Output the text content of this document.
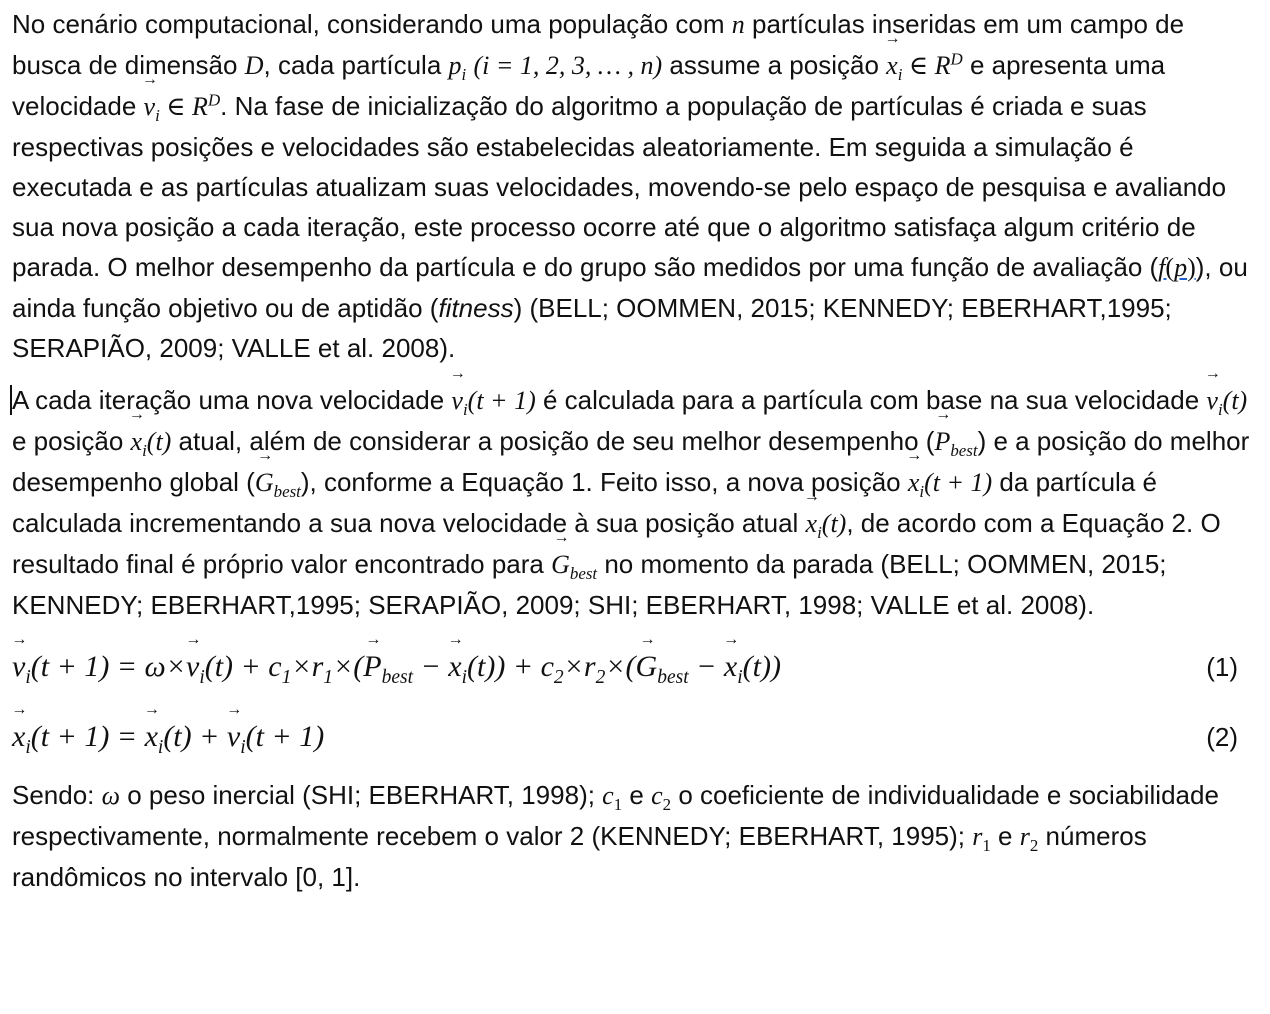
No cenário computacional, considerando uma população com n partículas inseridas em um campo de busca de dimensão D, cada partícula $p_i$ (i = 1, 2, 3, … , n) assume a posição → $x_i$ ∈ $R^D$ e apresenta uma velocidade → $v_i$ ∈ $R^D$. Na fase de inicialização do algoritmo a população de partículas é criada e suas respectivas posições e velocidades são estabelecidas aleatoriamente. Em seguida a simulação é executada e as partículas atualizam suas velocidades, movendo-se pelo espaço de pesquisa e avaliando sua nova posição a cada iteração, este processo ocorre até que o algoritmo satisfaça algum critério de parada. O melhor desempenho da partícula e do grupo são medidos por uma função de avaliação (f(p)), ou ainda função objetivo ou de aptidão (fitness) (BELL; OOMMEN, 2015; KENNEDY; EBERHART,1995; SERAPIÃO, 2009; VALLE et al. 2008).

A cada iteração uma nova velocidade → $v_i(t + 1)$ é calculada para a partícula com base na sua velocidade → $v_i(t)$ e posição → $x_i(t)$ atual, além de considerar a posição de seu melhor desempenho (→ $P_{best}$) e a posição do melhor desempenho global (→ $G_{best}$), conforme a Equação 1. Feito isso, a nova posição → $x_i(t + 1)$ da partícula é calculada incrementando a sua nova velocidade à sua posição atual → $x_i(t)$, de acordo com a Equação 2. O resultado final é próprio valor encontrado para → $G_{best}$ no momento da parada (BELL; OOMMEN, 2015; KENNEDY; EBERHART,1995; SERAPIÃO, 2009; SHI; EBERHART, 1998; VALLE et al. 2008).

→ $v_i(t + 1) = \omega\times\to v_i(t) + c_1\times r_1\times(\to P_{best}$ − → $x_i(t)) + c_2\times r_2\times(\to G_{best}$ − → $x_i(t)$)	(1)
→ $x_i(t + 1)$ = → $x_i(t)$ + → $v_i(t + 1)$	(2)

Sendo: ω o peso inercial (SHI; EBERHART, 1998); $c_1$ e $c_2$ o coeficiente de individualidade e sociabilidade respectivamente, normalmente recebem o valor 2 (KENNEDY; EBERHART, 1995); $r_1$ e $r_2$ números randômicos no intervalo [0, 1].
